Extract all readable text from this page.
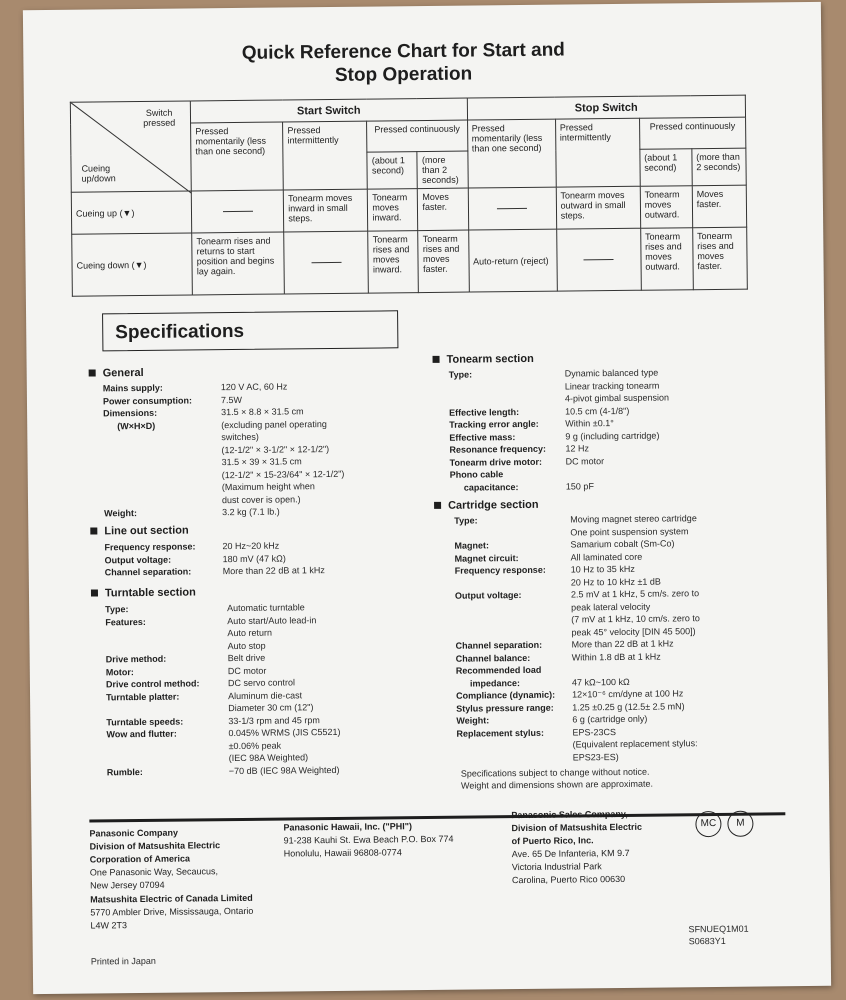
Quick Reference Chart for Start and
Stop Operation
Switch pressed
Cueing up/down	Start Switch				Stop Switch			
	Pressed momentarily (less than one second)	Pressed intermittently	Pressed continuously		Pressed momentarily (less than one second)	Pressed intermittently	Pressed continuously	
			(about 1 second)	(more than 2 seconds)			(about 1 second)	(more than 2 seconds)
Cueing up (▼)		Tonearm moves inward in small steps.	Tonearm moves inward.	Moves faster.		Tonearm moves outward in small steps.	Tonearm moves outward.	Moves faster.
Cueing down (▼)	Tonearm rises and returns to start position and begins lay again.		Tonearm rises and moves inward.	Tonearm rises and moves faster.	Auto-return (reject)		Tonearm rises and moves outward.	Tonearm rises and moves faster.
Specifications
General
Mains supply:	120 V AC, 60 Hz
Power consumption:	7.5W
Dimensions:	31.5 × 8.8 × 31.5 cm
(W×H×D)	(excluding panel operating
switches)
(12-1/2" × 3-1/2" × 12-1/2")
31.5 × 39 × 31.5 cm
(12-1/2" × 15-23/64" × 12-1/2")
(Maximum height when
dust cover is open.)
Weight:	3.2 kg (7.1 lb.)
Line out section
Frequency response:	20 Hz~20 kHz
Output voltage:	180 mV (47 kΩ)
Channel separation:	More than 22 dB at 1 kHz
Turntable section
Type:	Automatic turntable
Features:	Auto start/Auto lead-in
Auto return
Auto stop
Drive method:	Belt drive
Motor:	DC motor
Drive control method:	DC servo control
Turntable platter:	Aluminum die-cast
Diameter 30 cm (12")
Turntable speeds:	33-1/3 rpm and 45 rpm
Wow and flutter:	0.045% WRMS (JIS C5521)
±0.06% peak
(IEC 98A Weighted)
Rumble:	−70 dB (IEC 98A Weighted)
Tonearm section
Type:	Dynamic balanced type
Linear tracking tonearm
4-pivot gimbal suspension
Effective length:	10.5 cm (4-1/8")
Tracking error angle:	Within ±0.1°
Effective mass:	9 g (including cartridge)
Resonance frequency:	12 Hz
Tonearm drive motor:	DC motor
Phono cable
capacitance:	150 pF
Cartridge section
Type:	Moving magnet stereo cartridge
One point suspension system
Magnet:	Samarium cobalt (Sm-Co)
Magnet circuit:	All laminated core
Frequency response:	10 Hz to 35 kHz
20 Hz to 10 kHz ±1 dB
Output voltage:	2.5 mV at 1 kHz, 5 cm/s. zero to
peak lateral velocity
(7 mV at 1 kHz, 10 cm/s. zero to
peak 45° velocity [DIN 45 500])
Channel separation:	More than 22 dB at 1 kHz
Channel balance:	Within 1.8 dB at 1 kHz
Recommended load
impedance:	47 kΩ~100 kΩ
Compliance (dynamic):	12×10⁻⁶ cm/dyne at 100 Hz
Stylus pressure range:	1.25 ±0.25 g (12.5± 2.5 mN)
Weight:	6 g (cartridge only)
Replacement stylus:	EPS-23CS
(Equivalent replacement stylus:
EPS23-ES)
Specifications subject to change without notice.
Weight and dimensions shown are approximate.
Panasonic Company
Division of Matsushita Electric
Corporation of America
One Panasonic Way, Secaucus,
New Jersey 07094
Matsushita Electric of Canada Limited
5770 Ambler Drive, Mississauga, Ontario
L4W 2T3
Panasonic Hawaii, Inc. ("PHI")
91-238 Kauhi St. Ewa Beach P.O. Box 774
Honolulu, Hawaii 96808-0774
Panasonic Sales Company,
Division of Matsushita Electric
of Puerto Rico, Inc.
Ave. 65 De Infanteria, KM 9.7
Victoria Industrial Park
Carolina, Puerto Rico 00630
MC	M
SFNUEQ1M01
S0683Y1
Printed in Japan
